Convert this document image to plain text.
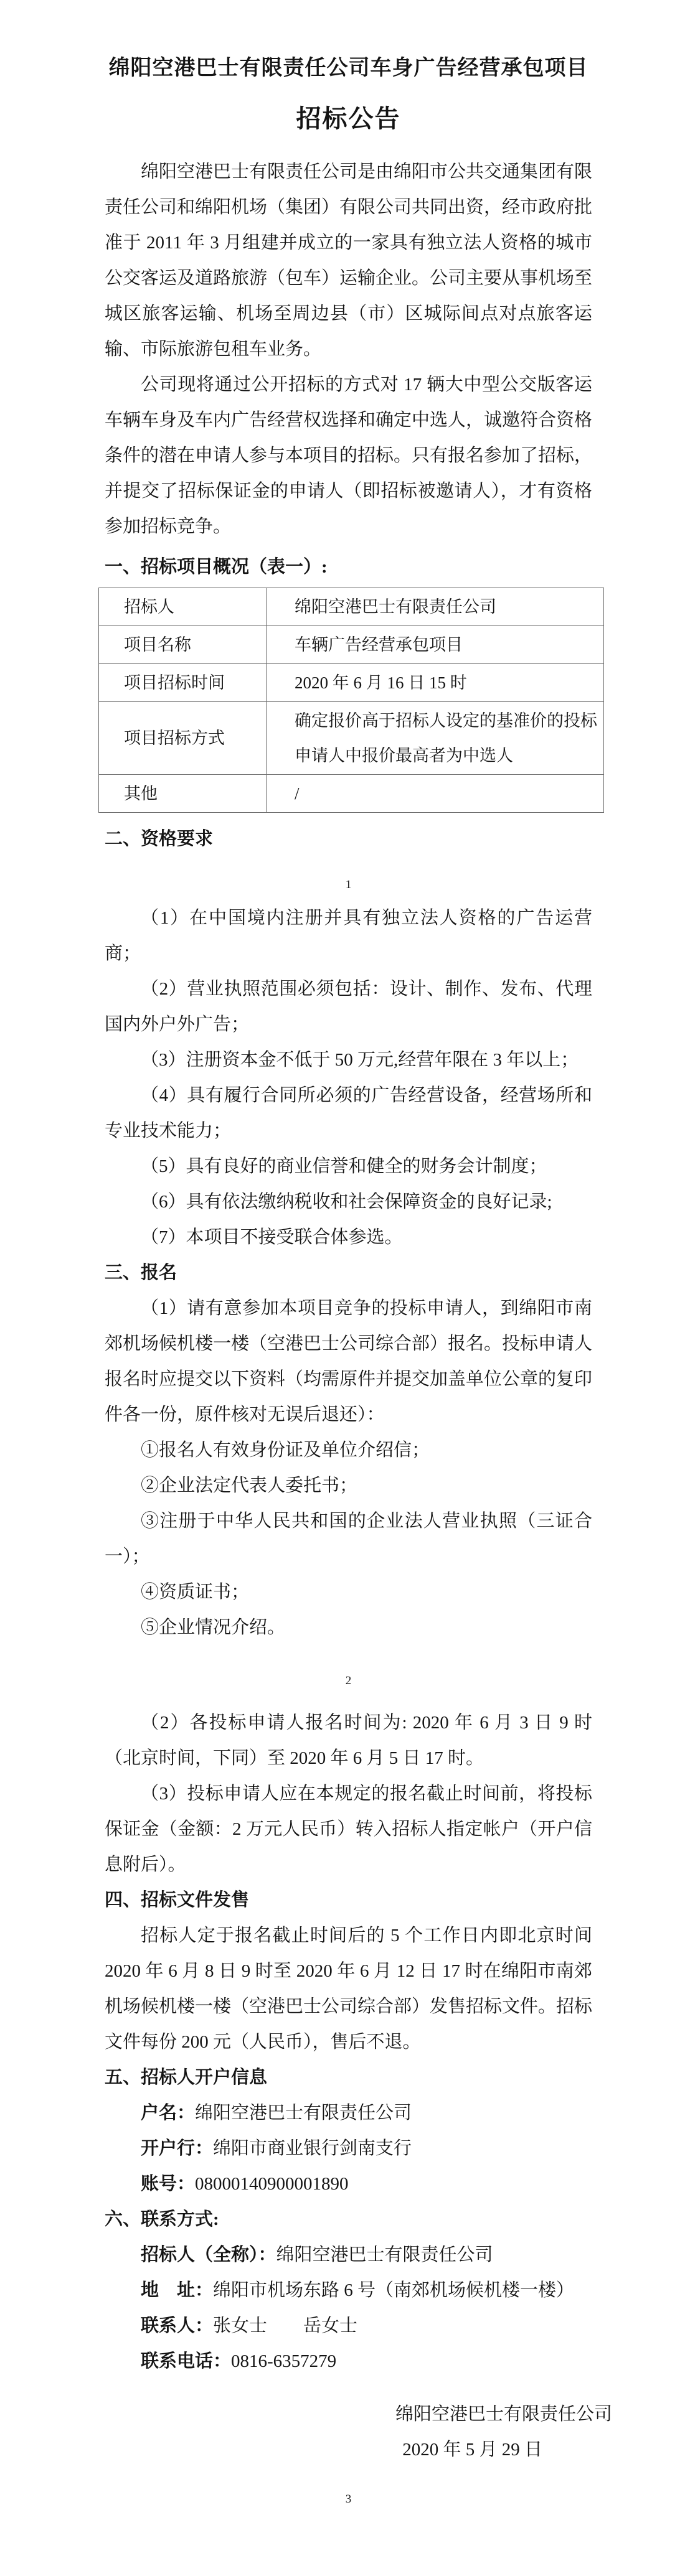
绵阳空港巴士有限责任公司车身广告经营承包项目
招标公告

绵阳空港巴士有限责任公司是由绵阳市公共交通集团有限责任公司和绵阳机场（集团）有限公司共同出资，经市政府批准于 2011 年 3 月组建并成立的一家具有独立法人资格的城市公交客运及道路旅游（包车）运输企业。公司主要从事机场至城区旅客运输、机场至周边县（市）区城际间点对点旅客运输、市际旅游包租车业务。

公司现将通过公开招标的方式对 17 辆大中型公交版客运车辆车身及车内广告经营权选择和确定中选人，诚邀符合资格条件的潜在申请人参与本项目的招标。只有报名参加了招标，并提交了招标保证金的申请人（即招标被邀请人），才有资格参加招标竞争。

一、招标项目概况（表一）:

招标人	绵阳空港巴士有限责任公司
项目名称	车辆广告经营承包项目
项目招标时间	2020 年 6 月 16 日 15 时
项目招标方式	确定报价高于招标人设定的基准价的投标申请人中报价最高者为中选人
其他	/

二、资格要求

1

（1）在中国境内注册并具有独立法人资格的广告运营商；

（2）营业执照范围必须包括：设计、制作、发布、代理国内外户外广告；

（3）注册资本金不低于 50 万元,经营年限在 3 年以上；

（4）具有履行合同所必须的广告经营设备，经营场所和专业技术能力；

（5）具有良好的商业信誉和健全的财务会计制度；

（6）具有依法缴纳税收和社会保障资金的良好记录;

（7）本项目不接受联合体参选。

三、报名

（1）请有意参加本项目竞争的投标申请人，到绵阳市南郊机场候机楼一楼（空港巴士公司综合部）报名。投标申请人报名时应提交以下资料（均需原件并提交加盖单位公章的复印件各一份，原件核对无误后退还）：

①报名人有效身份证及单位介绍信；

②企业法定代表人委托书；

③注册于中华人民共和国的企业法人营业执照（三证合一）；

④资质证书；

⑤企业情况介绍。

2

（2）各投标申请人报名时间为: 2020 年 6 月 3 日 9 时（北京时间，下同）至 2020 年 6 月 5 日 17 时。

（3）投标申请人应在本规定的报名截止时间前，将投标保证金（金额：2 万元人民币）转入招标人指定帐户（开户信息附后）。

四、招标文件发售

招标人定于报名截止时间后的 5 个工作日内即北京时间 2020 年 6 月 8 日 9 时至 2020 年 6 月 12 日 17 时在绵阳市南郊机场候机楼一楼（空港巴士公司综合部）发售招标文件。招标文件每份 200 元（人民币），售后不退。

五、招标人开户信息

户名：绵阳空港巴士有限责任公司

开户行：绵阳市商业银行剑南支行

账号：08000140900001890

六、联系方式:

招标人（全称）：绵阳空港巴士有限责任公司

地　址：绵阳市机场东路 6 号（南郊机场候机楼一楼）

联系人：张女士　　岳女士

联系电话：0816-6357279

绵阳空港巴士有限责任公司

2020 年 5 月 29 日

3
